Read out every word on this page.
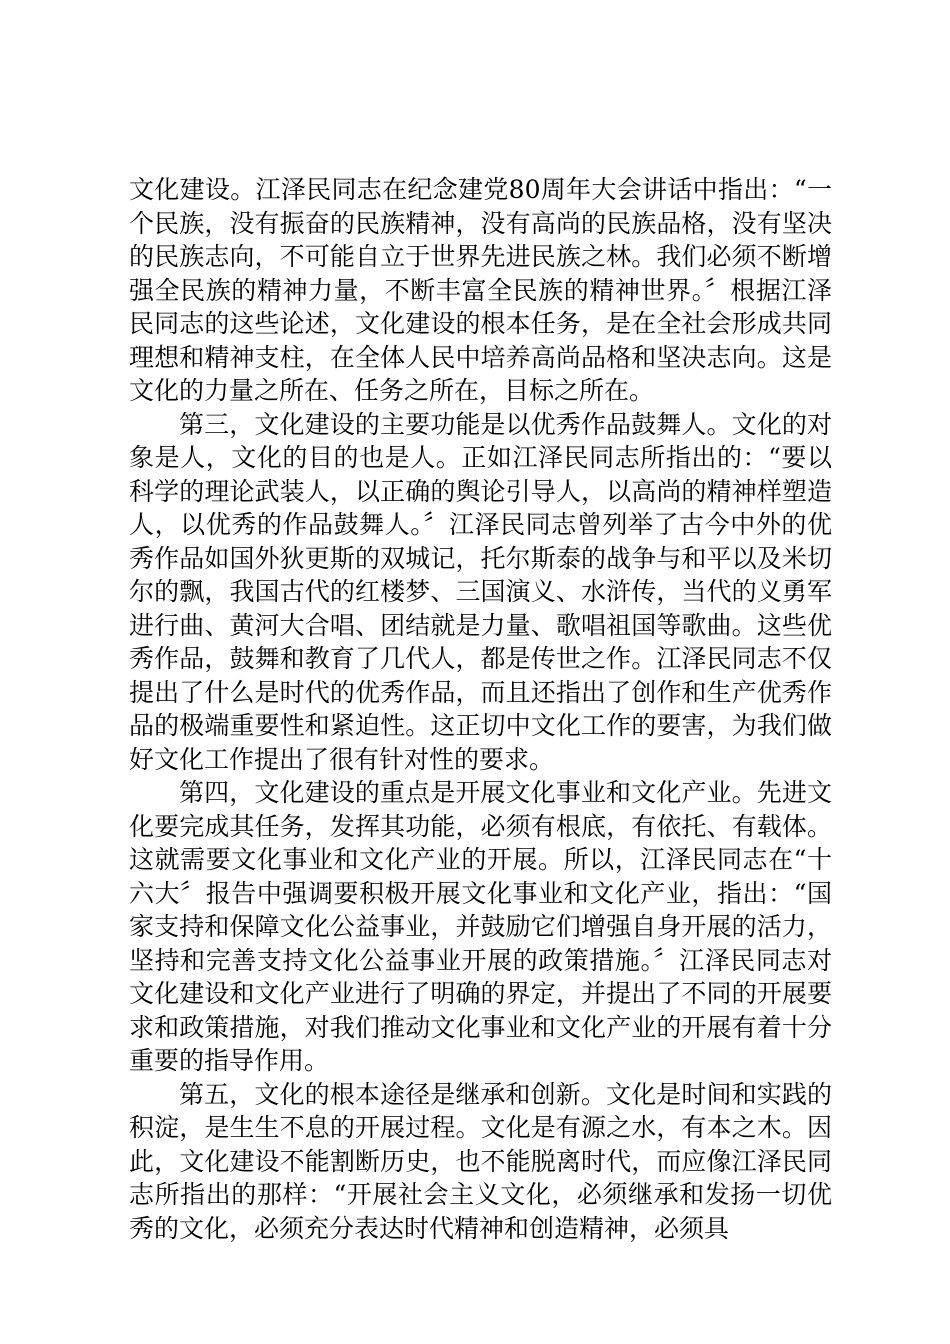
文化建设。江泽民同志在纪念建党80周年大会讲话中指出：“一个民族，没有振奋的民族精神，没有高尚的民族品格，没有坚决的民族志向，不可能自立于世界先进民族之林。我们必须不断增强全民族的精神力量，不断丰富全民族的精神世界。〞根据江泽民同志的这些论述，文化建设的根本任务，是在全社会形成共同理想和精神支柱，在全体人民中培养高尚品格和坚决志向。这是文化的力量之所在、任务之所在，目标之所在。

第三，文化建设的主要功能是以优秀作品鼓舞人。文化的对象是人，文化的目的也是人。正如江泽民同志所指出的：“要以科学的理论武装人，以正确的舆论引导人，以高尚的精神样塑造人，以优秀的作品鼓舞人。〞江泽民同志曾列举了古今中外的优秀作品如国外狄更斯的双城记，托尔斯泰的战争与和平以及米切尔的飘，我国古代的红楼梦、三国演义、水浒传，当代的义勇军进行曲、黄河大合唱、团结就是力量、歌唱祖国等歌曲。这些优秀作品，鼓舞和教育了几代人，都是传世之作。江泽民同志不仅提出了什么是时代的优秀作品，而且还指出了创作和生产优秀作品的极端重要性和紧迫性。这正切中文化工作的要害，为我们做好文化工作提出了很有针对性的要求。

第四，文化建设的重点是开展文化事业和文化产业。先进文化要完成其任务，发挥其功能，必须有根底，有依托、有载体。这就需要文化事业和文化产业的开展。所以，江泽民同志在“十六大〞报告中强调要积极开展文化事业和文化产业，指出：“国家支持和保障文化公益事业，并鼓励它们增强自身开展的活力，坚持和完善支持文化公益事业开展的政策措施。〞江泽民同志对文化建设和文化产业进行了明确的界定，并提出了不同的开展要求和政策措施，对我们推动文化事业和文化产业的开展有着十分重要的指导作用。

第五，文化的根本途径是继承和创新。文化是时间和实践的积淀，是生生不息的开展过程。文化是有源之水，有本之木。因此，文化建设不能割断历史，也不能脱离时代，而应像江泽民同志所指出的那样：“开展社会主义文化，必须继承和发扬一切优秀的文化，必须充分表达时代精神和创造精神，必须具
